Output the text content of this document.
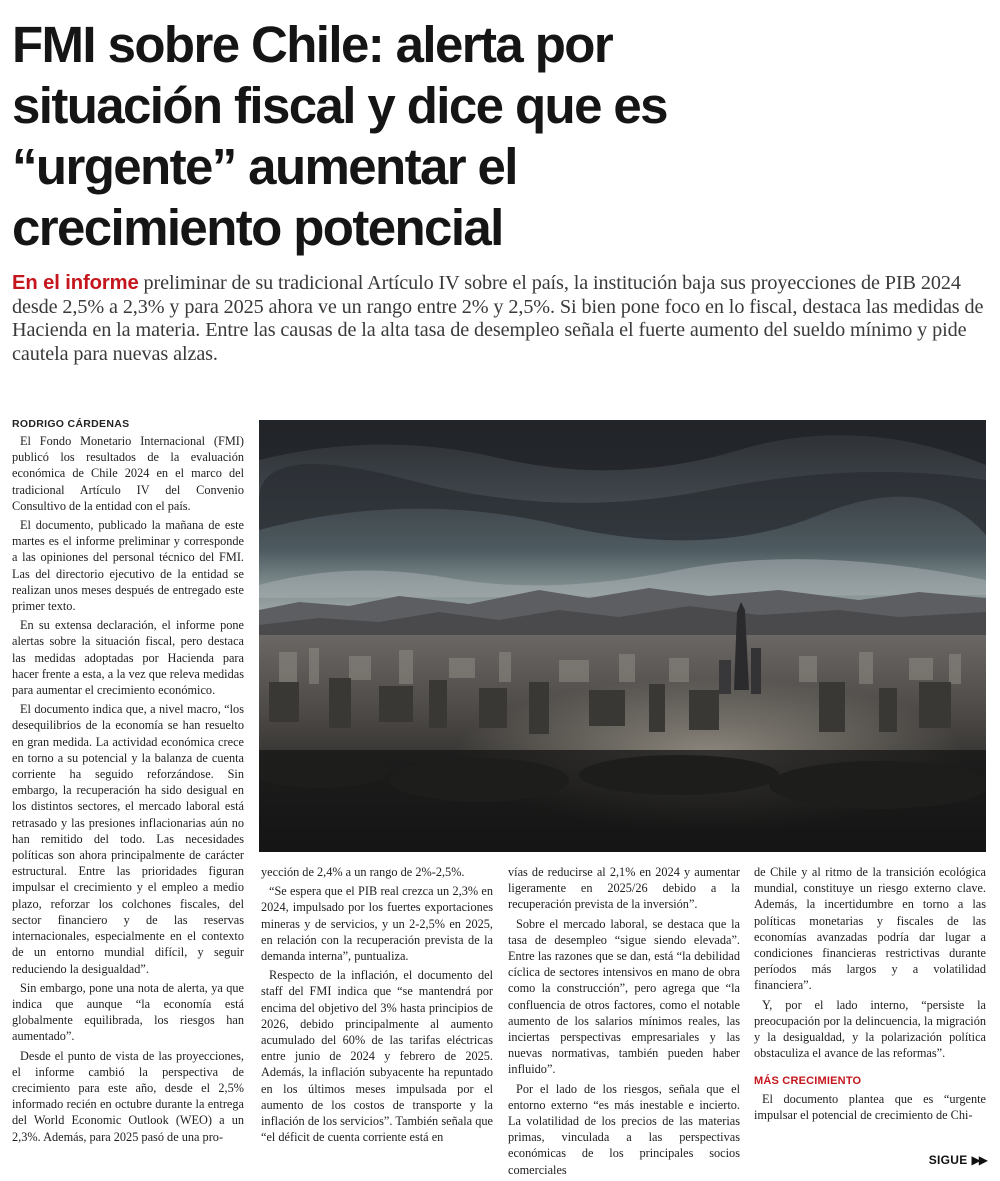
FMI sobre Chile: alerta por
situación fiscal y dice que es
“urgente” aumentar el
crecimiento potencial

En el informe preliminar de su tradicional Artículo IV sobre el país, la institución baja sus proyecciones de PIB 2024 desde 2,5% a 2,3% y para 2025 ahora ve un rango entre 2% y 2,5%. Si bien pone foco en lo fiscal, destaca las medidas de Hacienda en la materia. Entre las causas de la alta tasa de desempleo señala el fuerte aumento del sueldo mínimo y pide cautela para nuevas alzas.

RODRIGO CÁRDENAS

El Fondo Monetario Internacional (FMI) publicó los resultados de la evaluación económica de Chile 2024 en el marco del tradicional Artículo IV del Convenio Consultivo de la entidad con el país.

El documento, publicado la mañana de este martes es el informe preliminar y corresponde a las opiniones del personal técnico del FMI. Las del directorio ejecutivo de la entidad se realizan unos meses después de entregado este primer texto.

En su extensa declaración, el informe pone alertas sobre la situación fiscal, pero destaca las medidas adoptadas por Hacienda para hacer frente a esta, a la vez que releva medidas para aumentar el crecimiento económico.

El documento indica que, a nivel macro, “los desequilibrios de la economía se han resuelto en gran medida. La actividad económica crece en torno a su potencial y la balanza de cuenta corriente ha seguido reforzándose. Sin embargo, la recuperación ha sido desigual en los distintos sectores, el mercado laboral está retrasado y las presiones inflacionarias aún no han remitido del todo. Las necesidades políticas son ahora principalmente de carácter estructural. Entre las prioridades figuran impulsar el crecimiento y el empleo a medio plazo, reforzar los colchones fiscales, del sector financiero y de las reservas internacionales, especialmente en el contexto de un entorno mundial difícil, y seguir reduciendo la desigualdad”.

Sin embargo, pone una nota de alerta, ya que indica que aunque “la economía está globalmente equilibrada, los riesgos han aumentado”.

Desde el punto de vista de las proyecciones, el informe cambió la perspectiva de crecimiento para este año, desde el 2,5% informado recién en octubre durante la entrega del World Economic Outlook (WEO) a un 2,3%. Además, para 2025 pasó de una pro-

yección de 2,4% a un rango de 2%-2,5%.

“Se espera que el PIB real crezca un 2,3% en 2024, impulsado por los fuertes exportaciones mineras y de servicios, y un 2-2,5% en 2025, en relación con la recuperación prevista de la demanda interna”, puntualiza.

Respecto de la inflación, el documento del staff del FMI indica que “se mantendrá por encima del objetivo del 3% hasta principios de 2026, debido principalmente al aumento acumulado del 60% de las tarifas eléctricas entre junio de 2024 y febrero de 2025. Además, la inflación subyacente ha repuntado en los últimos meses impulsada por el aumento de los costos de transporte y la inflación de los servicios”. También señala que “el déficit de cuenta corriente está en

vías de reducirse al 2,1% en 2024 y aumentar ligeramente en 2025/26 debido a la recuperación prevista de la inversión”.

Sobre el mercado laboral, se destaca que la tasa de desempleo “sigue siendo elevada”. Entre las razones que se dan, está “la debilidad cíclica de sectores intensivos en mano de obra como la construcción”, pero agrega que “la confluencia de otros factores, como el notable aumento de los salarios mínimos reales, las inciertas perspectivas empresariales y las nuevas normativas, también pueden haber influido”.

Por el lado de los riesgos, señala que el entorno externo “es más inestable e incierto. La volatilidad de los precios de las materias primas, vinculada a las perspectivas económicas de los principales socios comerciales

de Chile y al ritmo de la transición ecológica mundial, constituye un riesgo externo clave. Además, la incertidumbre en torno a las políticas monetarias y fiscales de las economías avanzadas podría dar lugar a condiciones financieras restrictivas durante períodos más largos y a volatilidad financiera”.

Y, por el lado interno, “persiste la preocupación por la delincuencia, la migración y la desigualdad, y la polarización política obstaculiza el avance de las reformas”.

MÁS CRECIMIENTO

El documento plantea que es “urgente impulsar el potencial de crecimiento de Chi-

SIGUE ▶▶
